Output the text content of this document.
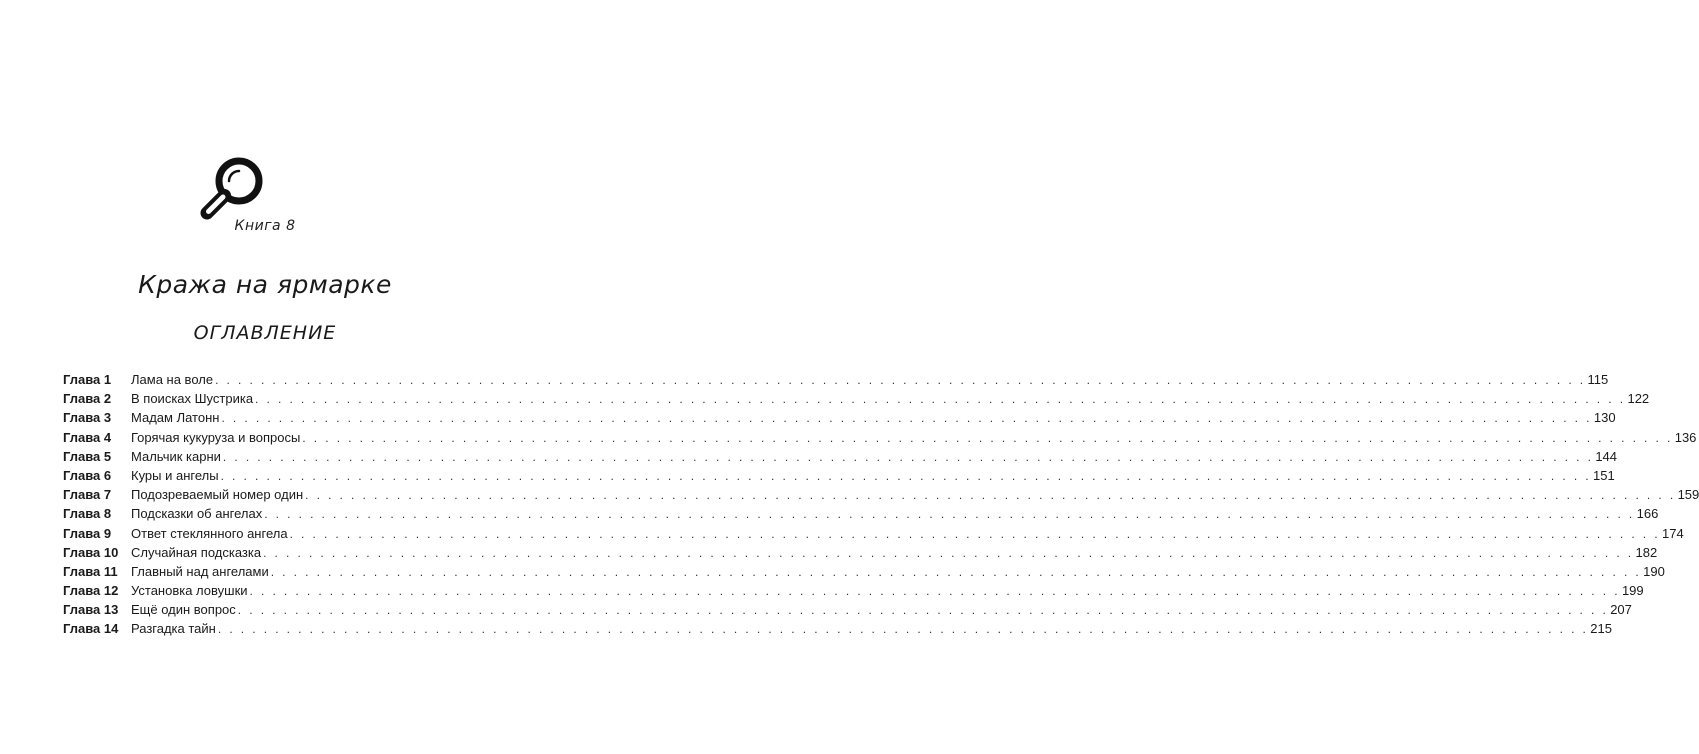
Книга 8
Кража на ярмарке
ОГЛАВЛЕНИЕ
Глава 1	Лама на воле . . . . . . . . . . . . . . . . . . . . . . . . . . . . . . . . . . . . . . . . . . . . . . . . . . . . . . . . . . . . . . . . . . . . . . . . . . . . . . . . . . . . . . . . . . . . . . . . . . . . . . . . . . . . . . . . . . . . . . . . 115
Глава 2	В поисках Шустрика . . . . . . . . . . . . . . . . . . . . . . . . . . . . . . . . . . . . . . . . . . . . . . . . . . . . . . . . . . . . . . . . . . . . . . . . . . . . . . . . . . . . . . . . . . . . . . . . . . . . . . . . . . . . . . . . . . . . . . . . 122
Глава 3	Мадам Латонн . . . . . . . . . . . . . . . . . . . . . . . . . . . . . . . . . . . . . . . . . . . . . . . . . . . . . . . . . . . . . . . . . . . . . . . . . . . . . . . . . . . . . . . . . . . . . . . . . . . . . . . . . . . . . . . . . . . . . . . . 130
Глава 4	Горячая кукуруза и вопросы . . . . . . . . . . . . . . . . . . . . . . . . . . . . . . . . . . . . . . . . . . . . . . . . . . . . . . . . . . . . . . . . . . . . . . . . . . . . . . . . . . . . . . . . . . . . . . . . . . . . . . . . . . . . . . . . . . . . . . . . 136
Глава 5	Мальчик карни . . . . . . . . . . . . . . . . . . . . . . . . . . . . . . . . . . . . . . . . . . . . . . . . . . . . . . . . . . . . . . . . . . . . . . . . . . . . . . . . . . . . . . . . . . . . . . . . . . . . . . . . . . . . . . . . . . . . . . . . 144
Глава 6	Куры и ангелы . . . . . . . . . . . . . . . . . . . . . . . . . . . . . . . . . . . . . . . . . . . . . . . . . . . . . . . . . . . . . . . . . . . . . . . . . . . . . . . . . . . . . . . . . . . . . . . . . . . . . . . . . . . . . . . . . . . . . . . . 151
Глава 7	Подозреваемый номер один . . . . . . . . . . . . . . . . . . . . . . . . . . . . . . . . . . . . . . . . . . . . . . . . . . . . . . . . . . . . . . . . . . . . . . . . . . . . . . . . . . . . . . . . . . . . . . . . . . . . . . . . . . . . . . . . . . . . . . . . 159
Глава 8	Подсказки об ангелах . . . . . . . . . . . . . . . . . . . . . . . . . . . . . . . . . . . . . . . . . . . . . . . . . . . . . . . . . . . . . . . . . . . . . . . . . . . . . . . . . . . . . . . . . . . . . . . . . . . . . . . . . . . . . . . . . . . . . . . . 166
Глава 9	Ответ стеклянного ангела . . . . . . . . . . . . . . . . . . . . . . . . . . . . . . . . . . . . . . . . . . . . . . . . . . . . . . . . . . . . . . . . . . . . . . . . . . . . . . . . . . . . . . . . . . . . . . . . . . . . . . . . . . . . . . . . . . . . . . . . 174
Глава 10 Случайная подсказка . . . . . . . . . . . . . . . . . . . . . . . . . . . . . . . . . . . . . . . . . . . . . . . . . . . . . . . . . . . . . . . . . . . . . . . . . . . . . . . . . . . . . . . . . . . . . . . . . . . . . . . . . . . . . . . . . . . . . . . . 182
Глава 11	Главный над ангелами . . . . . . . . . . . . . . . . . . . . . . . . . . . . . . . . . . . . . . . . . . . . . . . . . . . . . . . . . . . . . . . . . . . . . . . . . . . . . . . . . . . . . . . . . . . . . . . . . . . . . . . . . . . . . . . . . . . . . . . . 190
Глава 12 Установка ловушки . . . . . . . . . . . . . . . . . . . . . . . . . . . . . . . . . . . . . . . . . . . . . . . . . . . . . . . . . . . . . . . . . . . . . . . . . . . . . . . . . . . . . . . . . . . . . . . . . . . . . . . . . . . . . . . . . . . . . . . . 199
Глава 13 Ещё один вопрос . . . . . . . . . . . . . . . . . . . . . . . . . . . . . . . . . . . . . . . . . . . . . . . . . . . . . . . . . . . . . . . . . . . . . . . . . . . . . . . . . . . . . . . . . . . . . . . . . . . . . . . . . . . . . . . . . . . . . . . . 207
Глава 14 Разгадка тайн . . . . . . . . . . . . . . . . . . . . . . . . . . . . . . . . . . . . . . . . . . . . . . . . . . . . . . . . . . . . . . . . . . . . . . . . . . . . . . . . . . . . . . . . . . . . . . . . . . . . . . . . . . . . . . . . . . . . . . . . 215
